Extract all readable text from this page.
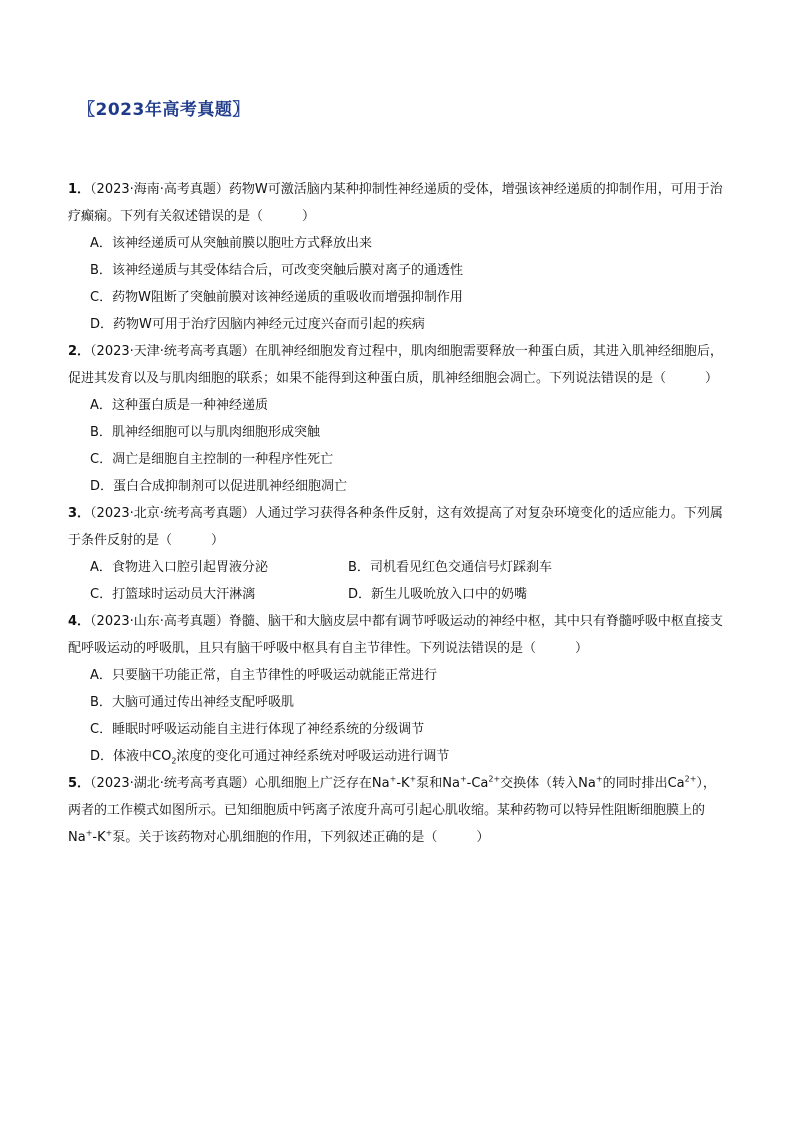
〖2023年高考真题〗

1．（2023·海南·高考真题）药物W可激活脑内某种抑制性神经递质的受体，增强该神经递质的抑制作用，可用于治疗癫痫。下列有关叙述错误的是（　　　）

A．该神经递质可从突触前膜以胞吐方式释放出来

B．该神经递质与其受体结合后，可改变突触后膜对离子的通透性

C．药物W阻断了突触前膜对该神经递质的重吸收而增强抑制作用

D．药物W可用于治疗因脑内神经元过度兴奋而引起的疾病

2．（2023·天津·统考高考真题）在肌神经细胞发育过程中，肌肉细胞需要释放一种蛋白质，其进入肌神经细胞后，促进其发育以及与肌肉细胞的联系；如果不能得到这种蛋白质，肌神经细胞会凋亡。下列说法错误的是（　　　）

A．这种蛋白质是一种神经递质

B．肌神经细胞可以与肌肉细胞形成突触

C．凋亡是细胞自主控制的一种程序性死亡

D．蛋白合成抑制剂可以促进肌神经细胞凋亡

3．（2023·北京·统考高考真题）人通过学习获得各种条件反射，这有效提高了对复杂环境变化的适应能力。下列属于条件反射的是（　　　）

A．食物进入口腔引起胃液分泌	B．司机看见红色交通信号灯踩刹车
C．打篮球时运动员大汗淋漓	D．新生儿吸吮放入口中的奶嘴

4．（2023·山东·高考真题）脊髓、脑干和大脑皮层中都有调节呼吸运动的神经中枢，其中只有脊髓呼吸中枢直接支配呼吸运动的呼吸肌，且只有脑干呼吸中枢具有自主节律性。下列说法错误的是（　　　）

A．只要脑干功能正常，自主节律性的呼吸运动就能正常进行

B．大脑可通过传出神经支配呼吸肌

C．睡眠时呼吸运动能自主进行体现了神经系统的分级调节

D．体液中$CO_2$浓度的变化可通过神经系统对呼吸运动进行调节

5．（2023·湖北·统考高考真题）心肌细胞上广泛存在Na+-K+泵和$Na^+-Ca^{2+}$交换体（转入Na+的同时排出$Ca^{2+}$），两者的工作模式如图所示。已知细胞质中钙离子浓度升高可引起心肌收缩。某种药物可以特异性阻断细胞膜上的Na+-K+泵。关于该药物对心肌细胞的作用，下列叙述正确的是（　　　）
